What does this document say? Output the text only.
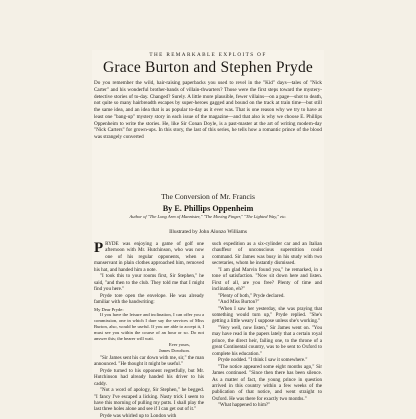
THE REMARKABLE EXPLOITS OF
Grace Burton and Stephen Pryde
Do you remember the wild, hair-raising paperbacks you used to revel in the "Kid" days—tales of "Nick Carter" and his wonderful brother-bands of villain-thwarters? Those were the first steps toward the mystery-detective stories of to-day. Changed? Surely. A little more plausible, fewer villains—on a page—shot to death, not quite so many hairbreadth escapes by super-heroes gagged and bound on the track at train time—but still the same idea, and an idea that is as popular to-day as it ever was. That is one reason why we try to have at least one "bang-up" mystery story in each issue of the magazine—and that also is why we choose E. Phillips Oppenheim to write the stories. He, like Sir Conan Doyle, is a past-master at the art of writing modern-day "Nick Carters" for grown-ups. In this story, the last of this series, he tells how a romantic prince of the blood was strangely converted
The Conversion of Mr. Francis
By E. Phillips Oppenheim
Author of "The Long Arm of Mannister," "The Moving Finger," "The Lighted Way," etc.
Illustrated by John Alonzo Williams

PRYDE was enjoying a game of golf one afternoon with Mr. Hutchinson, who was now one of his regular opponents, when a manservant in plain clothes approached him, removed his hat, and handed him a note.

"I took this to your rooms first, Sir Stephen," he said, "and then to the club. They told me that I might find you here."

Pryde tore open the envelope. He was already familiar with the handwriting:

My Dear Pryde:
If you have the leisure and inclination, I can offer you a commission, one in which I dare say the services of Miss Burton, also, would be useful. If you are able to accept it, I must see you within the course of an hour or so. Do not answer this; the bearer will wait.
Ever yours,
James Dowdson.

"Sir James sent his car down with me, sir," the man announced. "He thought it might be useful."

Pryde turned to his opponent regretfully, but Mr. Hutchinson had already handed his driver to his caddy.

"Not a word of apology, Sir Stephen," he begged. "I fancy I've escaped a licking. Nasty trick I seem to have this morning of pulling my putts. I shall play the last three holes alone and see if I can get out of it."

Pryde was whirled up to London with

such expedition as a six-cylinder car and an Italian chauffeur of unconscious superstition could command. Sir James was busy in his study with two secretaries, whom he instantly dismissed.

"I am glad Marvin found you," he remarked, in a tone of satisfaction. "Now sit down here and listen. First of all, are you free? Plenty of time and inclination, eh?"

"Plenty of both," Pryde declared.

"And Miss Burton?"

"When I saw her yesterday, she was praying that something would turn up," Pryde replied. "She's getting a little weary I suppose unless she's working."

"Very well, now listen," Sir James went on. "You may have read in the papers lately that a certain royal prince, the direct heir, failing one, to the throne of a great Continental country, was to be sent to Oxford to complete his education."

Pryde nodded. "I think I saw it somewhere."

"The notice appeared some eight months ago," Sir James continued. "Since then there has been silence. As a matter of fact, the young prince in question arrived in this country within a few weeks of the publication of that notice, and went straight to Oxford. He was there for exactly two months."

"What happened to him?"
